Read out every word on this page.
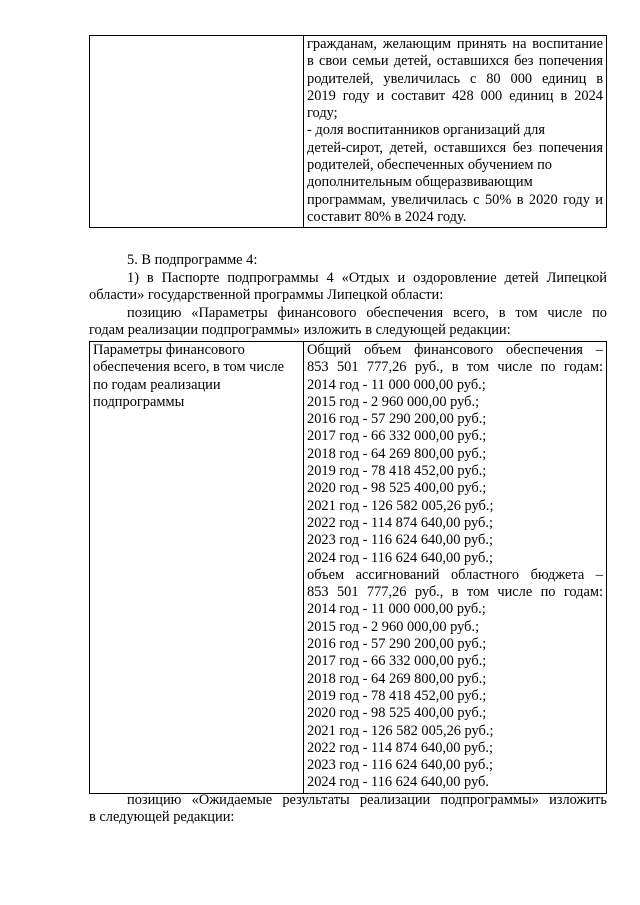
гражданам, желающим принять на воспитание
в свои семьи детей, оставшихся без попечения
родителей, увеличилась с 80 000 единиц в
2019 году и составит 428 000 единиц в 2024
году;
- доля воспитанников организаций для
детей-сирот, детей, оставшихся без попечения
родителей, обеспеченных обучением по
дополнительным общеразвивающим
программам, увеличилась с 50% в 2020 году и
составит 80% в 2024 году.
5. В подпрограмме 4:
1) в Паспорте подпрограммы 4 «Отдых и оздоровление детей Липецкой
области» государственной программы Липецкой области:
позицию «Параметры финансового обеспечения всего, в том числе по
годам реализации подпрограммы» изложить в следующей редакции:
Параметры финансового
обеспечения всего, в том числе
по годам реализации
подпрограммы

Общий объем финансового обеспечения –
853 501 777,26 руб., в том числе по годам:
2014 год - 11 000 000,00 руб.;
2015 год - 2 960 000,00 руб.;
2016 год - 57 290 200,00 руб.;
2017 год - 66 332 000,00 руб.;
2018 год - 64 269 800,00 руб.;
2019 год - 78 418 452,00 руб.;
2020 год - 98 525 400,00 руб.;
2021 год - 126 582 005,26 руб.;
2022 год - 114 874 640,00 руб.;
2023 год - 116 624 640,00 руб.;
2024 год - 116 624 640,00 руб.;
объем ассигнований областного бюджета –
853 501 777,26 руб., в том числе по годам:
2014 год - 11 000 000,00 руб.;
2015 год - 2 960 000,00 руб.;
2016 год - 57 290 200,00 руб.;
2017 год - 66 332 000,00 руб.;
2018 год - 64 269 800,00 руб.;
2019 год - 78 418 452,00 руб.;
2020 год - 98 525 400,00 руб.;
2021 год - 126 582 005,26 руб.;
2022 год - 114 874 640,00 руб.;
2023 год - 116 624 640,00 руб.;
2024 год - 116 624 640,00 руб.
позицию «Ожидаемые результаты реализации подпрограммы» изложить
в следующей редакции:
